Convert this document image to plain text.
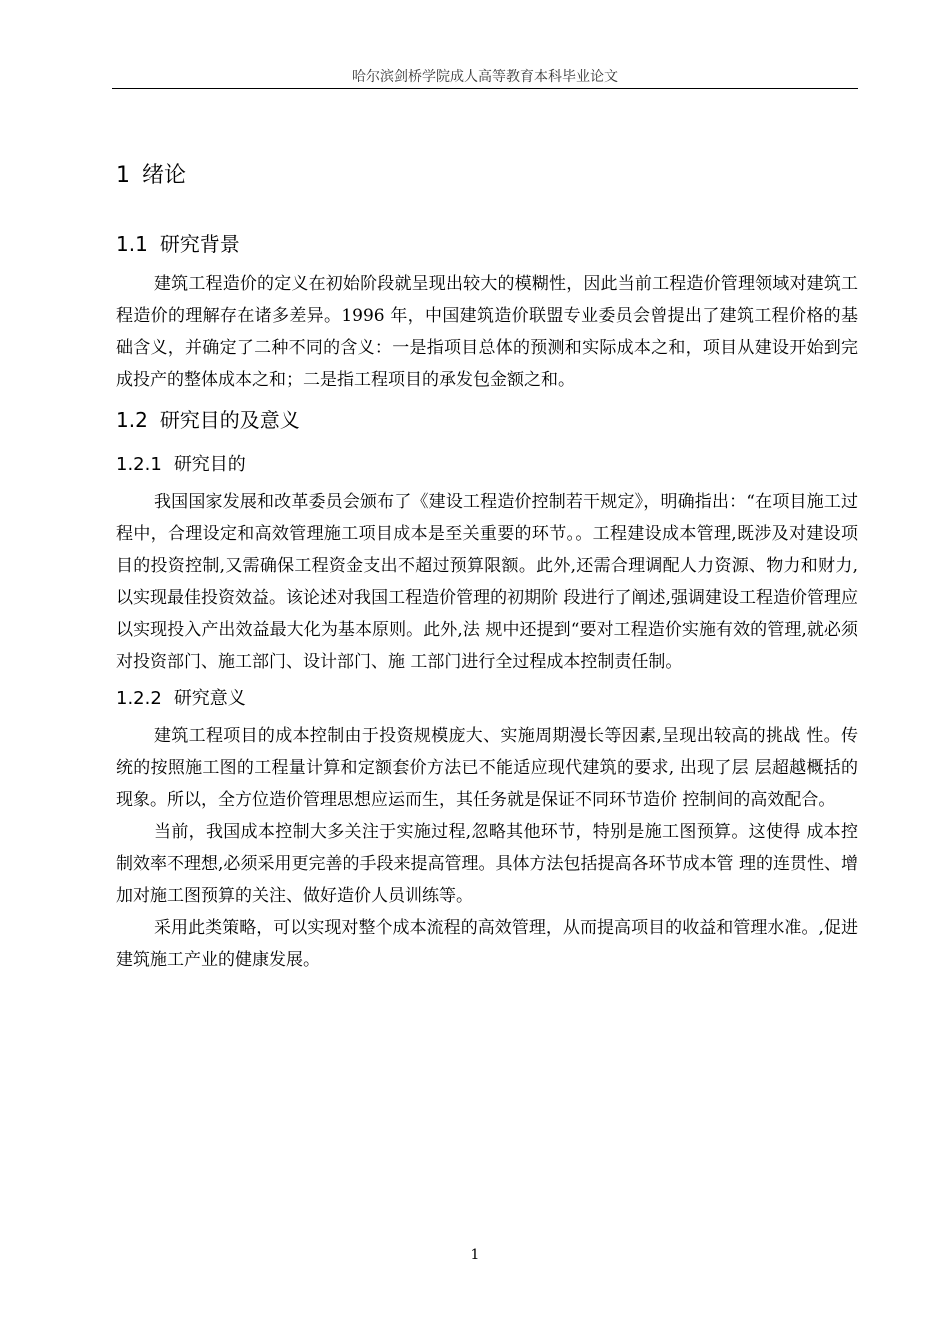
哈尔滨剑桥学院成人高等教育本科毕业论文
1 绪论
1.1 研究背景

建筑工程造价的定义在初始阶段就呈现出较大的模糊性，因此当前工程造价管理领域对建筑工程造价的理解存在诸多差异。1996 年，中国建筑造价联盟专业委员会曾提出了建筑工程价格的基础含义，并确定了二种不同的含义：一是指项目总体的预测和实际成本之和，项目从建设开始到完成投产的整体成本之和；二是指工程项目的承发包金额之和。

1.2 研究目的及意义
1.2.1 研究目的

我国国家发展和改革委员会颁布了《建设工程造价控制若干规定》，明确指出：“在项目施工过程中，合理设定和高效管理施工项目成本是至关重要的环节。。工程建设成本管理,既涉及对建设项目的投资控制,又需确保工程资金支出不超过预算限额。此外,还需合理调配人力资源、物力和财力, 以实现最佳投资效益。该论述对我国工程造价管理的初期阶 段进行了阐述,强调建设工程造价管理应以实现投入产出效益最大化为基本原则。此外,法 规中还提到“要对工程造价实施有效的管理,就必须对投资部门、施工部门、设计部门、施 工部门进行全过程成本控制责任制。

1.2.2 研究意义

建筑工程项目的成本控制由于投资规模庞大、实施周期漫长等因素,呈现出较高的挑战 性。传统的按照施工图的工程量计算和定额套价方法已不能适应现代建筑的要求, 出现了层 层超越概括的现象。所以，全方位造价管理思想应运而生，其任务就是保证不同环节造价 控制间的高效配合。

当前，我国成本控制大多关注于实施过程,忽略其他环节，特别是施工图预算。这使得 成本控制效率不理想,必须采用更完善的手段来提高管理。具体方法包括提高各环节成本管 理的连贯性、增加对施工图预算的关注、做好造价人员训练等。

采用此类策略，可以实现对整个成本流程的高效管理，从而提高项目的收益和管理水准。,促进建筑施工产业的健康发展。

1
